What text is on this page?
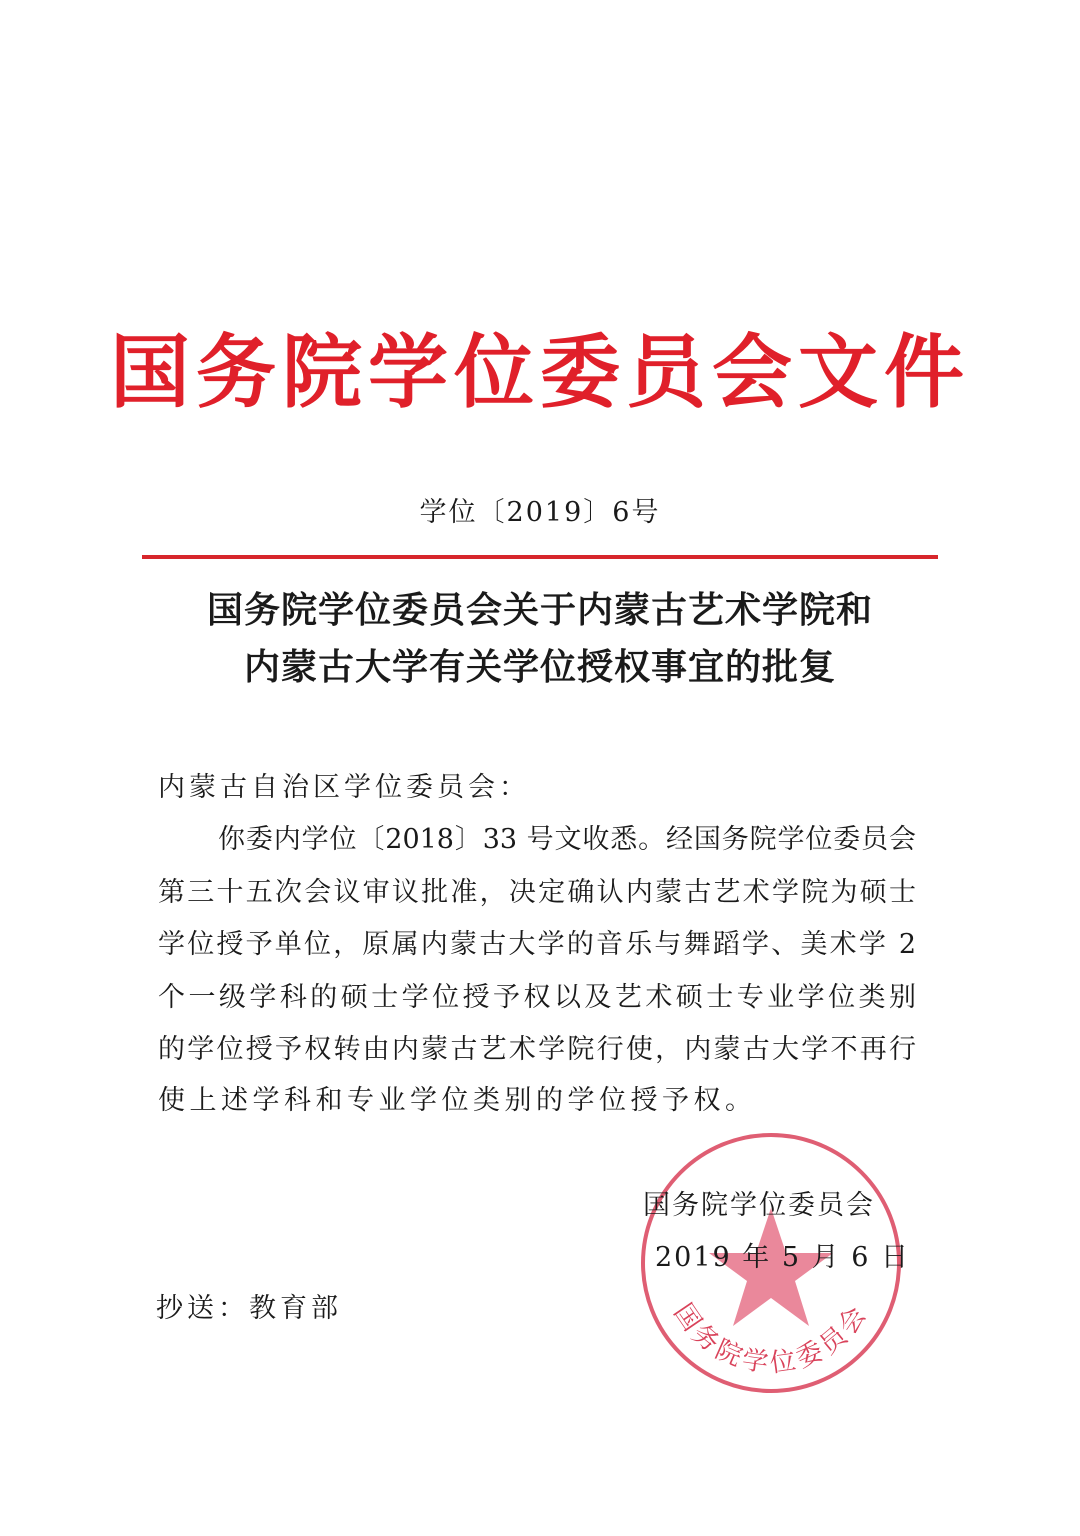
国务院学位委员会文件
学位〔2019〕6号
国务院学位委员会关于内蒙古艺术学院和
内蒙古大学有关学位授权事宜的批复
内蒙古自治区学位委员会：
你委内学位〔2018〕33 号文收悉。经国务院学位委员会
第三十五次会议审议批准，决定确认内蒙古艺术学院为硕士
学位授予单位，原属内蒙古大学的音乐与舞蹈学、美术学 2
个一级学科的硕士学位授予权以及艺术硕士专业学位类别
的学位授予权转由内蒙古艺术学院行使，内蒙古大学不再行
使上述学科和专业学位类别的学位授予权。
国务院学位委员会
国务院学位委员会
2019 年 5 月 6 日
抄送：教育部
